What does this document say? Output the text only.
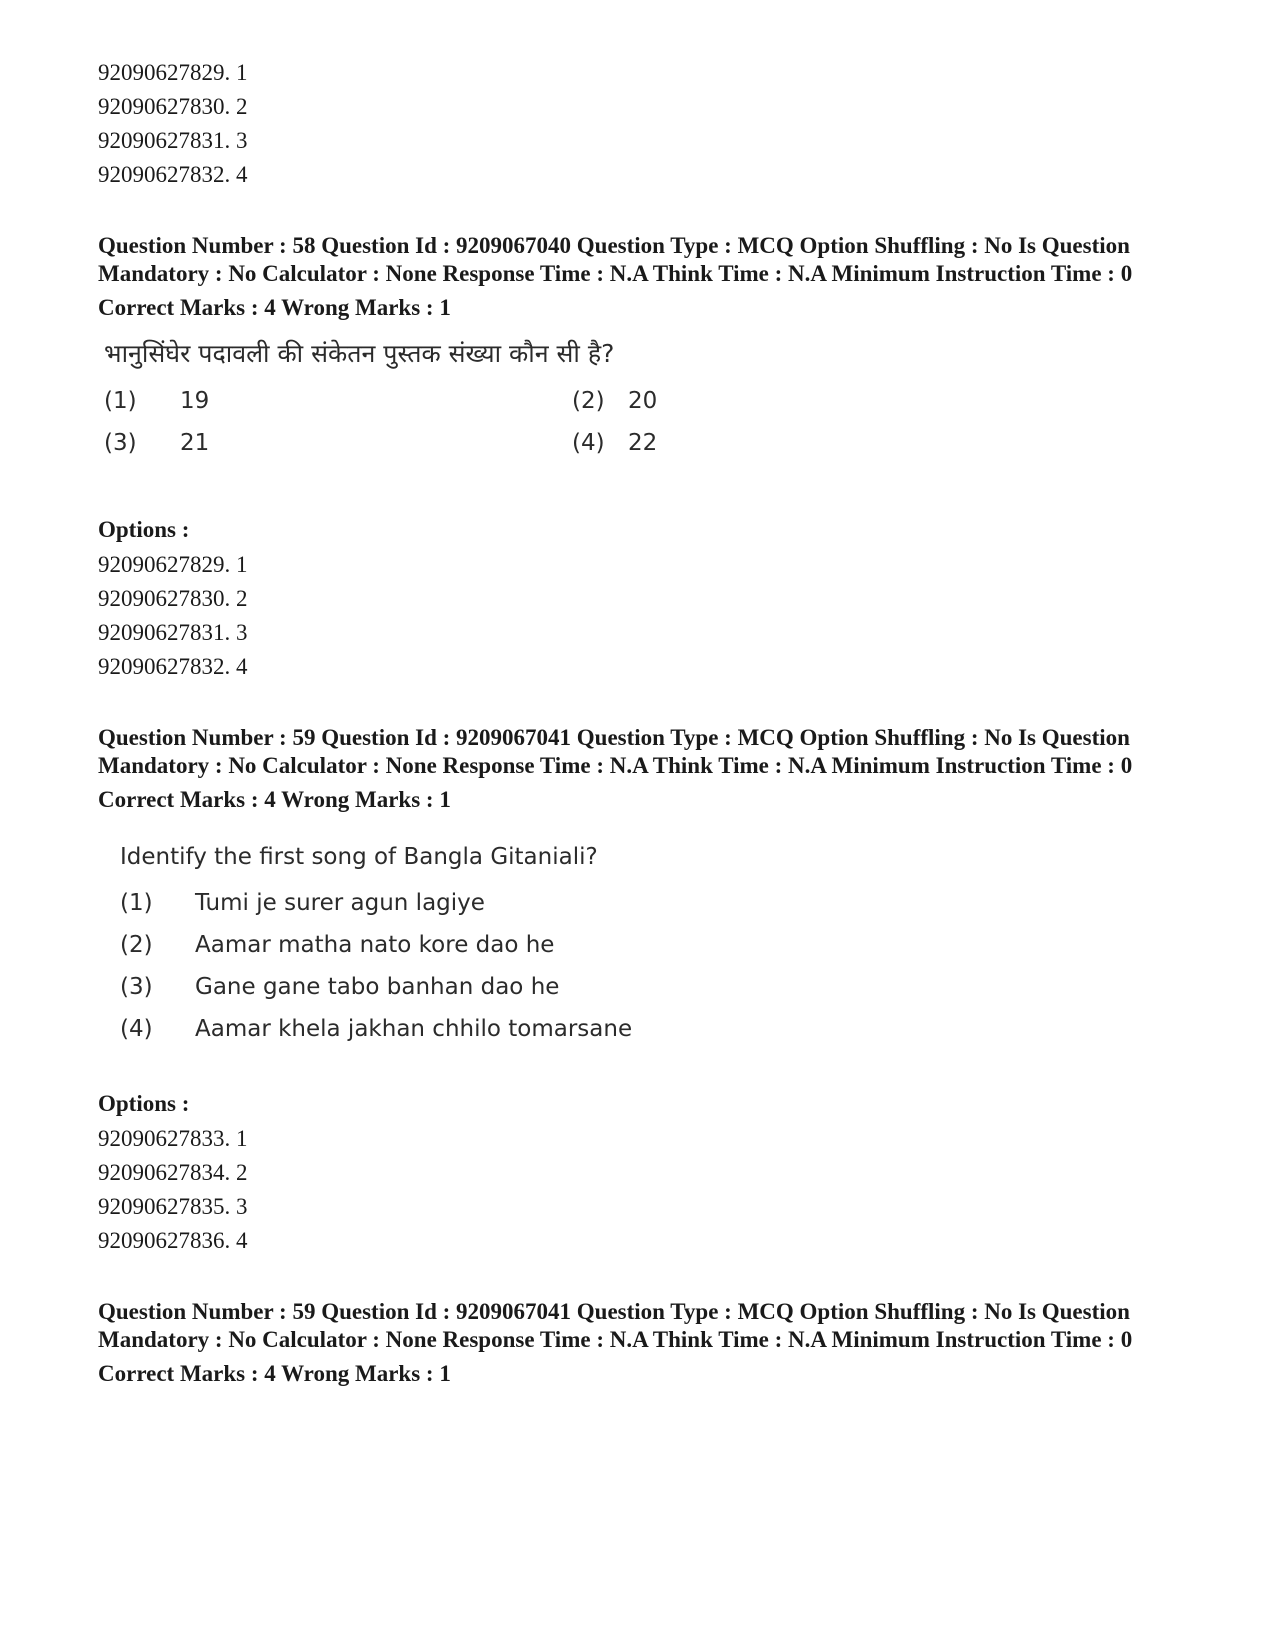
92090627829. 1
92090627830. 2
92090627831. 3
92090627832. 4
Question Number : 58 Question Id : 9209067040 Question Type : MCQ Option Shuffling : No Is Question Mandatory : No Calculator : None Response Time : N.A Think Time : N.A Minimum Instruction Time : 0
Correct Marks : 4 Wrong Marks : 1
भानुसिंघेर पदावली की संकेतन पुस्तक संख्या कौन सी है?
(1) 19	(2) 20
(3) 21	(4) 22
Options :
92090627829. 1
92090627830. 2
92090627831. 3
92090627832. 4
Question Number : 59 Question Id : 9209067041 Question Type : MCQ Option Shuffling : No Is Question Mandatory : No Calculator : None Response Time : N.A Think Time : N.A Minimum Instruction Time : 0
Correct Marks : 4 Wrong Marks : 1
Identify the first song of Bangla Gitaniali?
(1) Tumi je surer agun lagiye
(2) Aamar matha nato kore dao he
(3) Gane gane tabo banhan dao he
(4) Aamar khela jakhan chhilo tomarsane
Options :
92090627833. 1
92090627834. 2
92090627835. 3
92090627836. 4
Question Number : 59 Question Id : 9209067041 Question Type : MCQ Option Shuffling : No Is Question Mandatory : No Calculator : None Response Time : N.A Think Time : N.A Minimum Instruction Time : 0
Correct Marks : 4 Wrong Marks : 1
